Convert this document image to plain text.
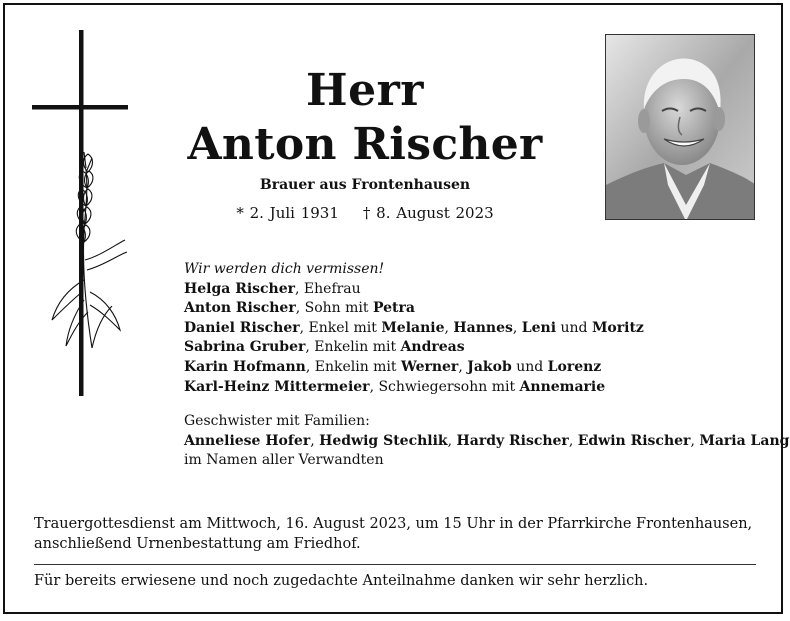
Herr
Anton Rischer
Brauer aus Frontenhausen
* 2. Juli 1931 † 8. August 2023
Wir werden dich vermissen!
Helga Rischer, Ehefrau
Anton Rischer, Sohn mit Petra
Daniel Rischer, Enkel mit Melanie, Hannes, Leni und Moritz
Sabrina Gruber, Enkelin mit Andreas
Karin Hofmann, Enkelin mit Werner, Jakob und Lorenz
Karl-Heinz Mittermeier, Schwiegersohn mit Annemarie
Geschwister mit Familien:
Anneliese Hofer, Hedwig Stechlik, Hardy Rischer, Edwin Rischer, Maria Lang
im Namen aller Verwandten
Trauergottesdienst am Mittwoch, 16. August 2023, um 15 Uhr in der Pfarrkirche Frontenhausen,
anschließend Urnenbestattung am Friedhof.
Für bereits erwiesene und noch zugedachte Anteilnahme danken wir sehr herzlich.
